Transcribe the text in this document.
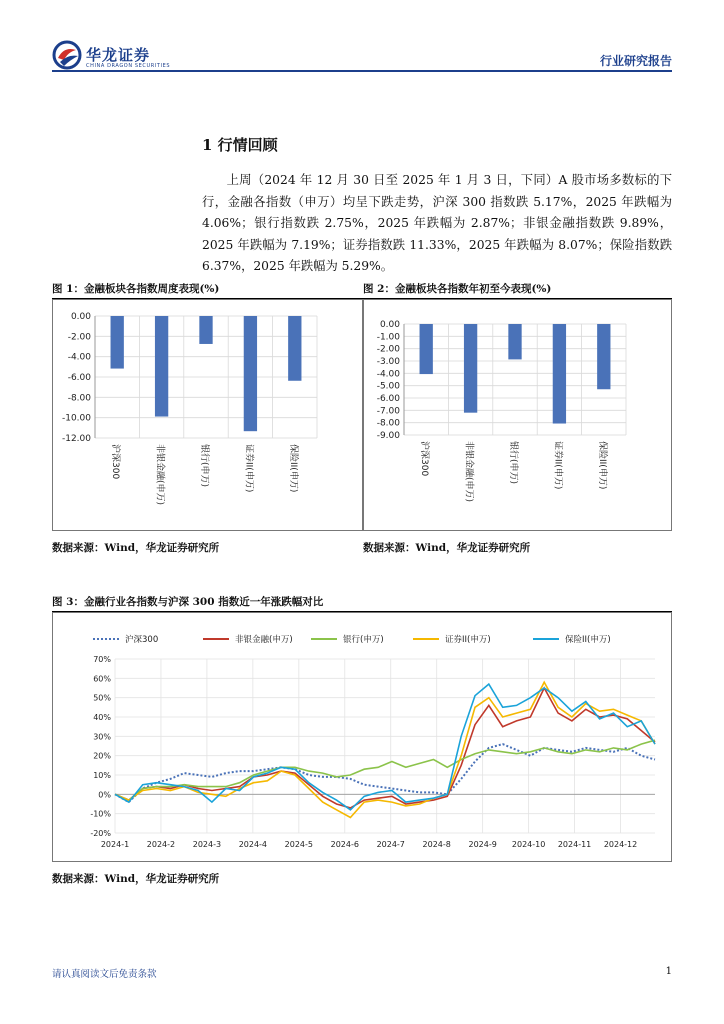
华龙证券
CHINA DRAGON SECURITIES	行业研究报告
1 行情回顾
上周（2024 年 12 月 30 日至 2025 年 1 月 3 日，下同）A 股市场多数标的下行，金融各指数（申万）均呈下跌走势，沪深 300 指数跌 5.17%，2025 年跌幅为 4.06%；银行指数跌 2.75%，2025 年跌幅为 2.87%；非银金融指数跌 9.89%，2025 年跌幅为 7.19%；证券指数跌 11.33%，2025 年跌幅为 8.07%；保险指数跌 6.37%，2025 年跌幅为 5.29%。
图 1：金融板块各指数周度表现(%)	图 2：金融板块各指数年初至今表现(%)
0.00
-2.00
-4.00
-6.00
-8.00
-10.00
-12.00
沪深300	非银金融(申万)	银行(申万)	证券II(申万)	保险II(申万)
0.00
-1.00
-2.00
-3.00
-4.00
-5.00
-6.00
-7.00
-8.00
-9.00
沪深300	非银金融(申万)	银行(申万)	证券II(申万)	保险II(申万)
数据来源：Wind，华龙证券研究所	数据来源：Wind，华龙证券研究所
图 3：金融行业各指数与沪深 300 指数近一年涨跌幅对比
70%
60%
50%
40%
30%
20%
10%
0%
-10%
-20%
2024-1 2024-2 2024-3 2024-4 2024-5 2024-6 2024-7 2024-8 2024-9 2024-10 2024-11 2024-12
沪深300	非银金融(申万)	银行(申万)	证券II(申万)	保险II(申万)
数据来源：Wind，华龙证券研究所
请认真阅读文后免责条款	1
